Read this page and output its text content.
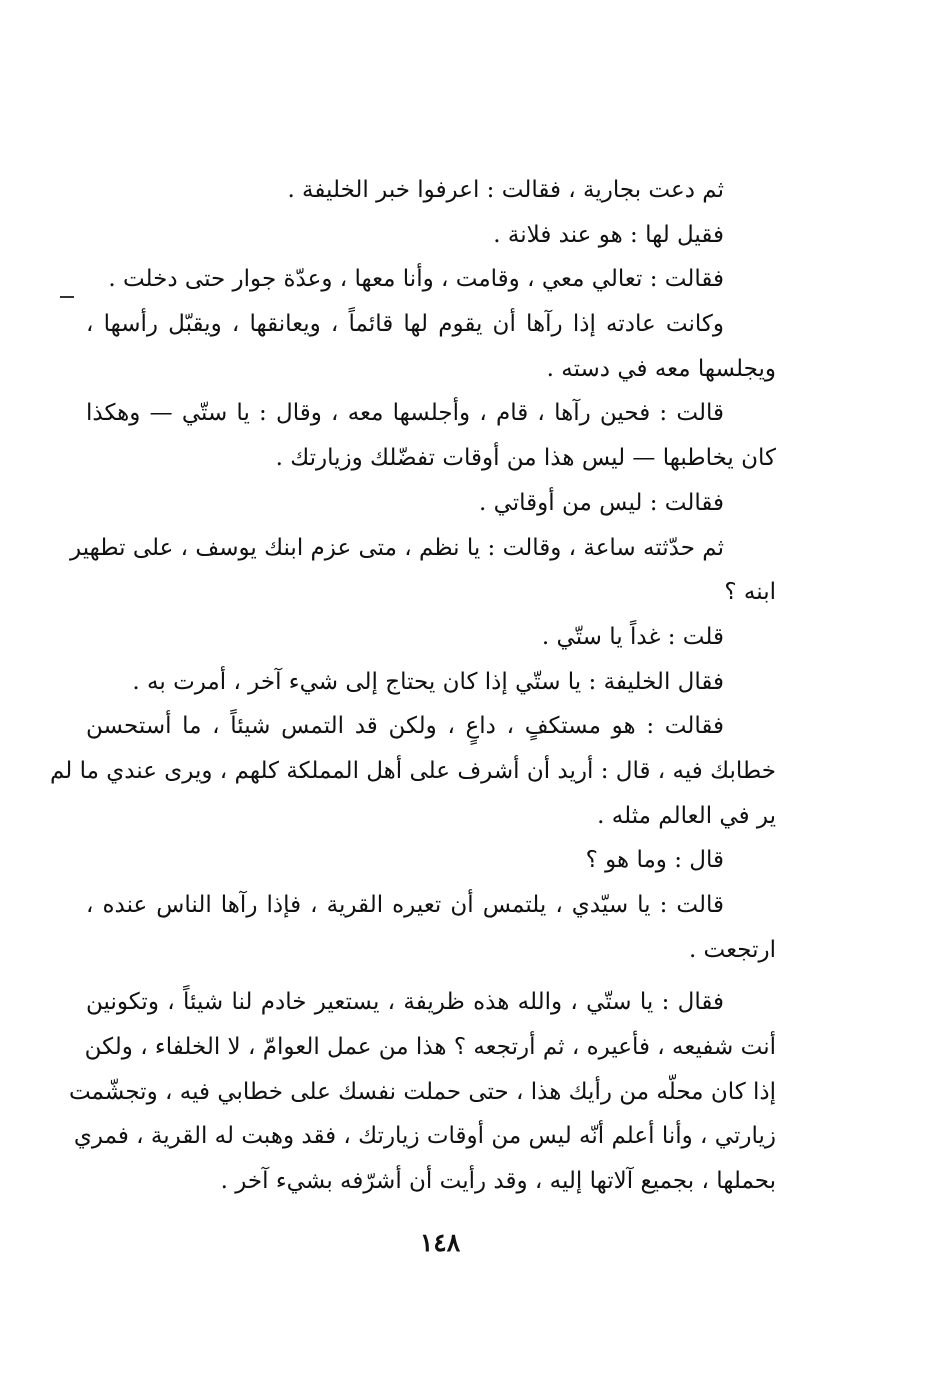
ثم دعت بجارية ، فقالت : اعرفوا خبر الخليفة .
فقيل لها : هو عند فلانة .
فقالت : تعالي معي ، وقامت ، وأنا معها ، وعدّة جوار حتى دخلت .
وكانت عادته إذا رآها أن يقوم لها قائماً ، ويعانقها ، ويقبّل رأسها ،
ويجلسها معه في دسته .
قالت : فحين رآها ، قام ، وأجلسها معه ، وقال : يا ستّي — وهكذا
كان يخاطبها — ليس هذا من أوقات تفضّلك وزيارتك .
فقالت : ليس من أوقاتي .
ثم حدّثته ساعة ، وقالت : يا نظم ، متى عزم ابنك يوسف ، على تطهير
ابنه ؟
قلت : غداً يا ستّي .
فقال الخليفة : يا ستّي إذا كان يحتاج إلى شيء آخر ، أمرت به .
فقالت : هو مستكفٍ ، داعٍ ، ولكن قد التمس شيئاً ، ما أستحسن
خطابك فيه ، قال : أريد أن أشرف على أهل المملكة كلهم ، ويرى عندي ما لم
ير في العالم مثله .
قال : وما هو ؟
قالت : يا سيّدي ، يلتمس أن تعيره القرية ، فإذا رآها الناس عنده ،
ارتجعت .
فقال : يا ستّي ، والله هذه ظريفة ، يستعير خادم لنا شيئاً ، وتكونين
أنت شفيعه ، فأعيره ، ثم أرتجعه ؟ هذا من عمل العوامّ ، لا الخلفاء ، ولكن
إذا كان محلّه من رأيك هذا ، حتى حملت نفسك على خطابي فيه ، وتجشّمت
زيارتي ، وأنا أعلم أنّه ليس من أوقات زيارتك ، فقد وهبت له القرية ، فمري
بحملها ، بجميع آلاتها إليه ، وقد رأيت أن أشرّفه بشيء آخر .
١٤٨
